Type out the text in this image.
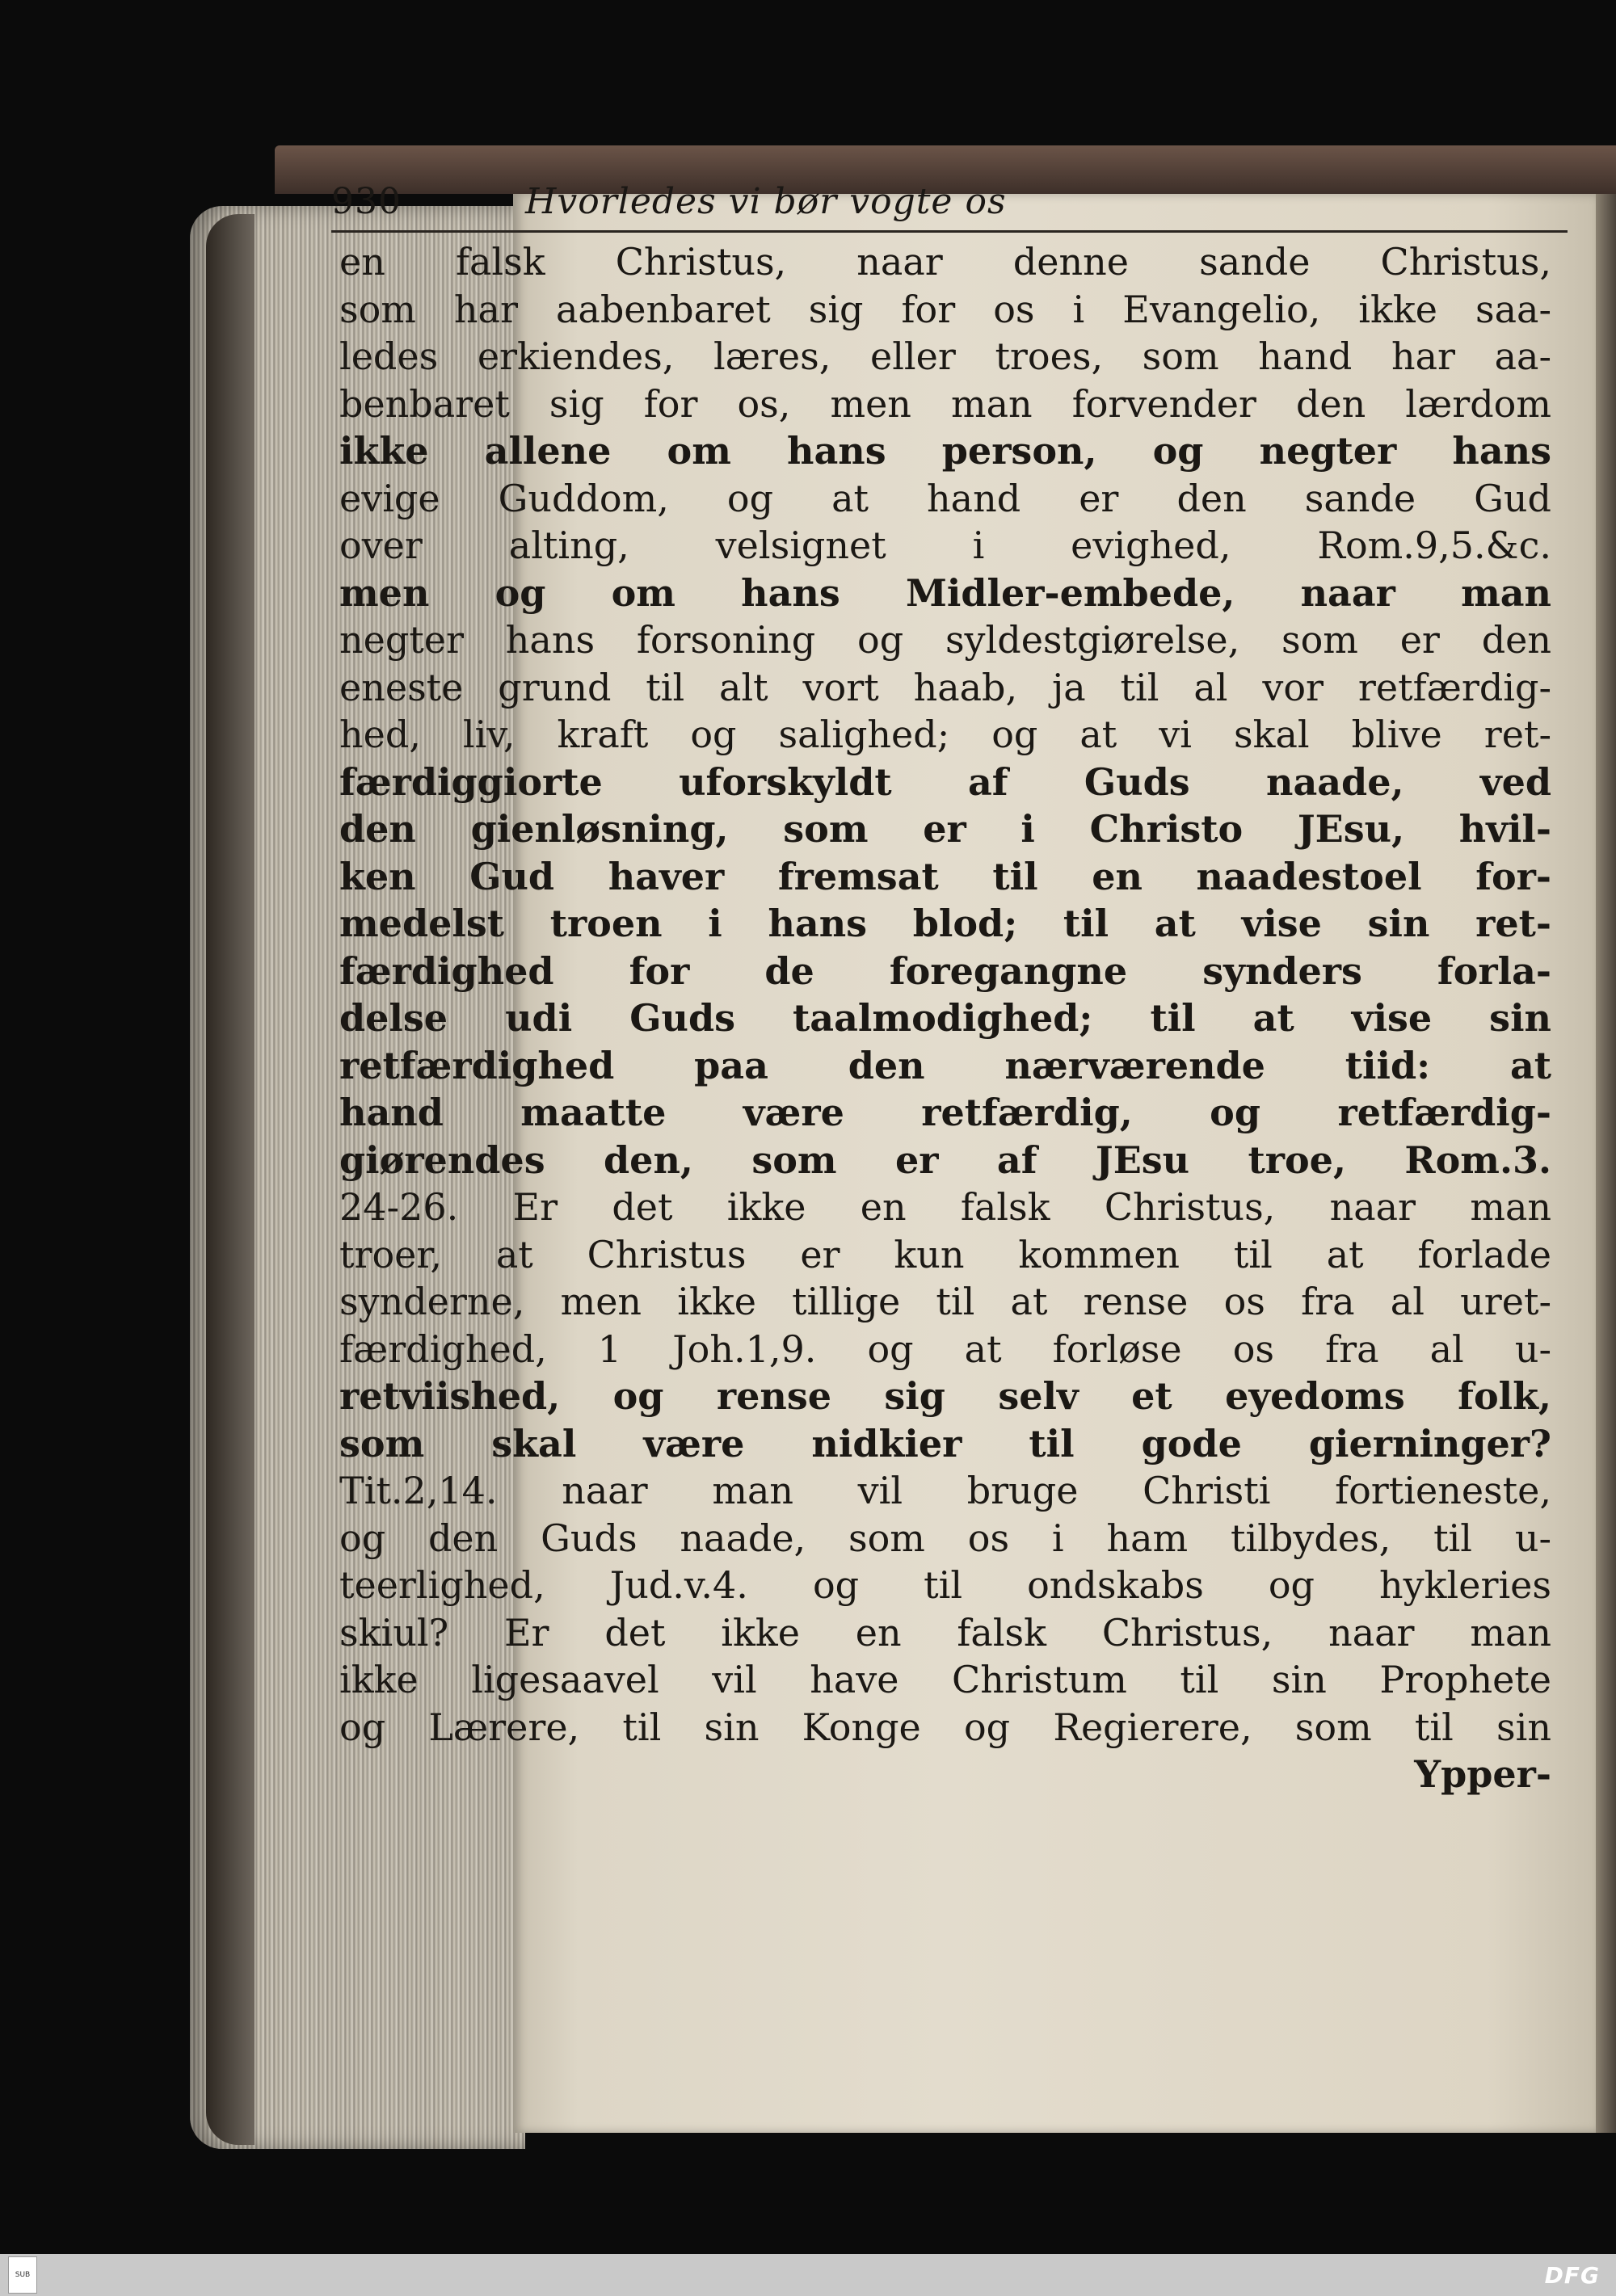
930	Hvorledes vi bør vogte os
en falsk Christus, naar denne sande Christus,
som har aabenbaret sig for os i Evangelio, ikke saa-
ledes erkiendes, læres, eller troes, som hand har aa-
benbaret sig for os, men man forvender den lærdom
ikke allene om hans person, og negter hans
evige Guddom, og at hand er den sande Gud
over alting, velsignet i evighed, Rom.9,5.&c.
men og om hans Midler-embede, naar man
negter hans forsoning og syldestgiørelse, som er den
eneste grund til alt vort haab, ja til al vor retfærdig-
hed, liv, kraft og salighed; og at vi skal blive ret-
færdiggiorte uforskyldt af Guds naade, ved
den gienløsning, som er i Christo JEsu, hvil-
ken Gud haver fremsat til en naadestoel for-
medelst troen i hans blod; til at vise sin ret-
færdighed for de foregangne synders forla-
delse udi Guds taalmodighed; til at vise sin
retfærdighed paa den nærværende tiid: at
hand maatte være retfærdig, og retfærdig-
giørendes den, som er af JEsu troe, Rom.3.
24-26. Er det ikke en falsk Christus, naar man
troer, at Christus er kun kommen til at forlade
synderne, men ikke tillige til at rense os fra al uret-
færdighed, 1 Joh.1,9. og at forløse os fra al u-
retviished, og rense sig selv et eyedoms folk,
som skal være nidkier til gode gierninger?
Tit.2,14. naar man vil bruge Christi fortieneste,
og den Guds naade, som os i ham tilbydes, til u-
teerlighed, Jud.v.4. og til ondskabs og hykleries
skiul? Er det ikke en falsk Christus, naar man
ikke ligesaavel vil have Christum til sin Prophete
og Lærere, til sin Konge og Regierere, som til sin
Ypper-
SUB	DFG
